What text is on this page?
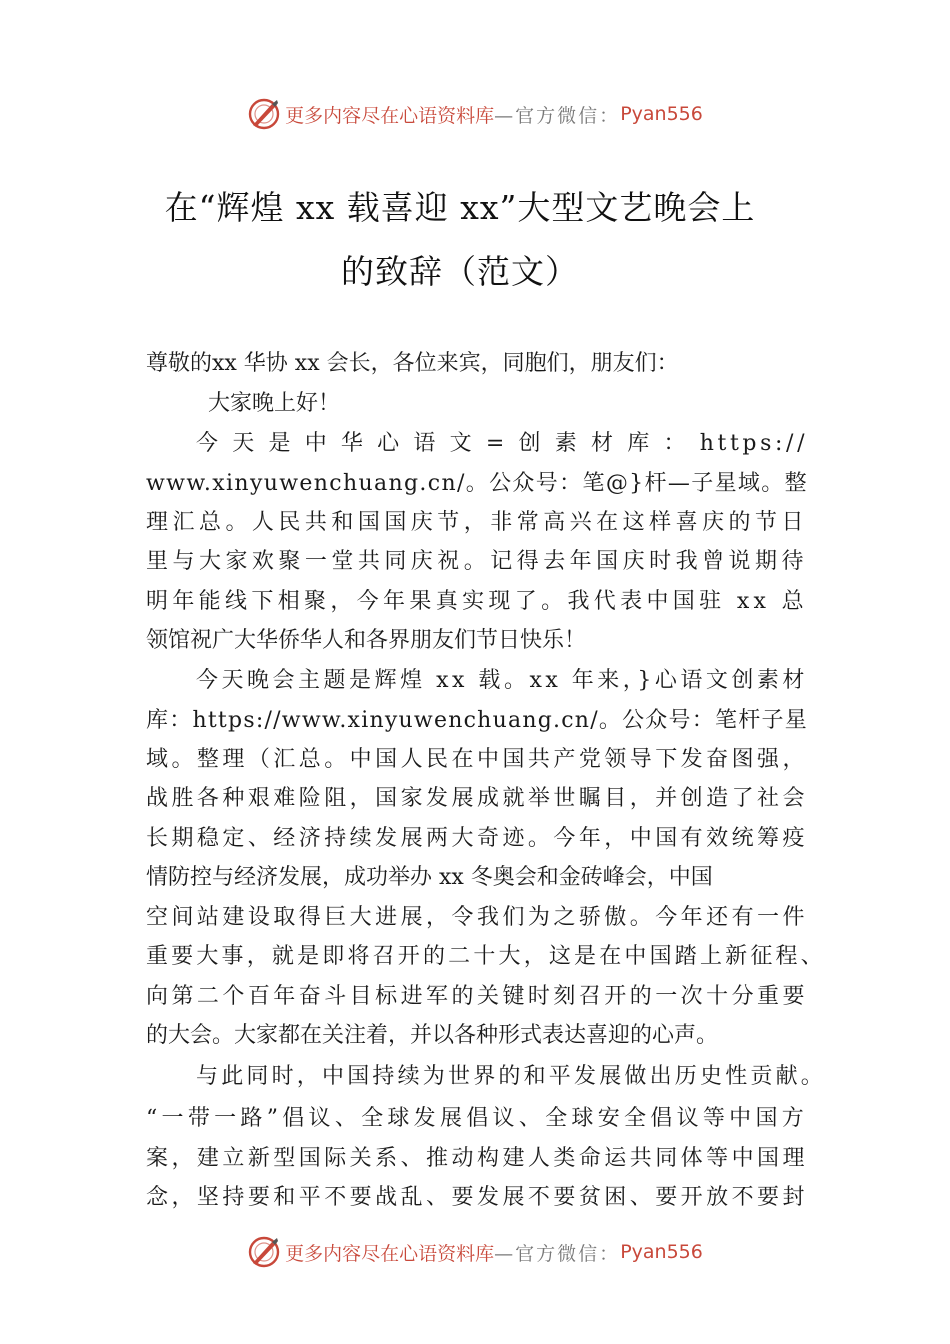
更多内容尽在心语资料库 —官方微信： Pyan556
在“辉煌 xx 载喜迎 xx”大型文艺晚会上
的致辞（范文）
尊敬的xx 华协 xx 会长，各位来宾，同胞们，朋友们：
大家晚上好！
今 天 是 中 华 心 语 文 = 创 素 材 库 ： https://
www.xinyuwenchuang.cn/。公众号：笔@}杆—子星域。整
理汇总。人民共和国国庆节，非常高兴在这样喜庆的节日
里与大家欢聚一堂共同庆祝。记得去年国庆时我曾说期待
明年能线下相聚，今年果真实现了。我代表中国驻 xx 总
领馆祝广大华侨华人和各界朋友们节日快乐！
今天晚会主题是辉煌 xx 载。xx 年来，}心语文创素材
库：https://www.xinyuwenchuang.cn/。公众号：笔杆子星
域。整理（汇总。中国人民在中国共产党领导下发奋图强，
战胜各种艰难险阻，国家发展成就举世瞩目，并创造了社会
长期稳定、经济持续发展两大奇迹。今年，中国有效统筹疫
情防控与经济发展，成功举办 xx 冬奥会和金砖峰会，中国
空间站建设取得巨大进展，令我们为之骄傲。今年还有一件
重要大事，就是即将召开的二十大，这是在中国踏上新征程、
向第二个百年奋斗目标进军的关键时刻召开的一次十分重要
的大会。大家都在关注着，并以各种形式表达喜迎的心声。
与此同时，中国持续为世界的和平发展做出历史性贡献。
“一带一路”倡议、全球发展倡议、全球安全倡议等中国方
案，建立新型国际关系、推动构建人类命运共同体等中国理
念，坚持要和平不要战乱、要发展不要贫困、要开放不要封
更多内容尽在心语资料库 —官方微信： Pyan556
